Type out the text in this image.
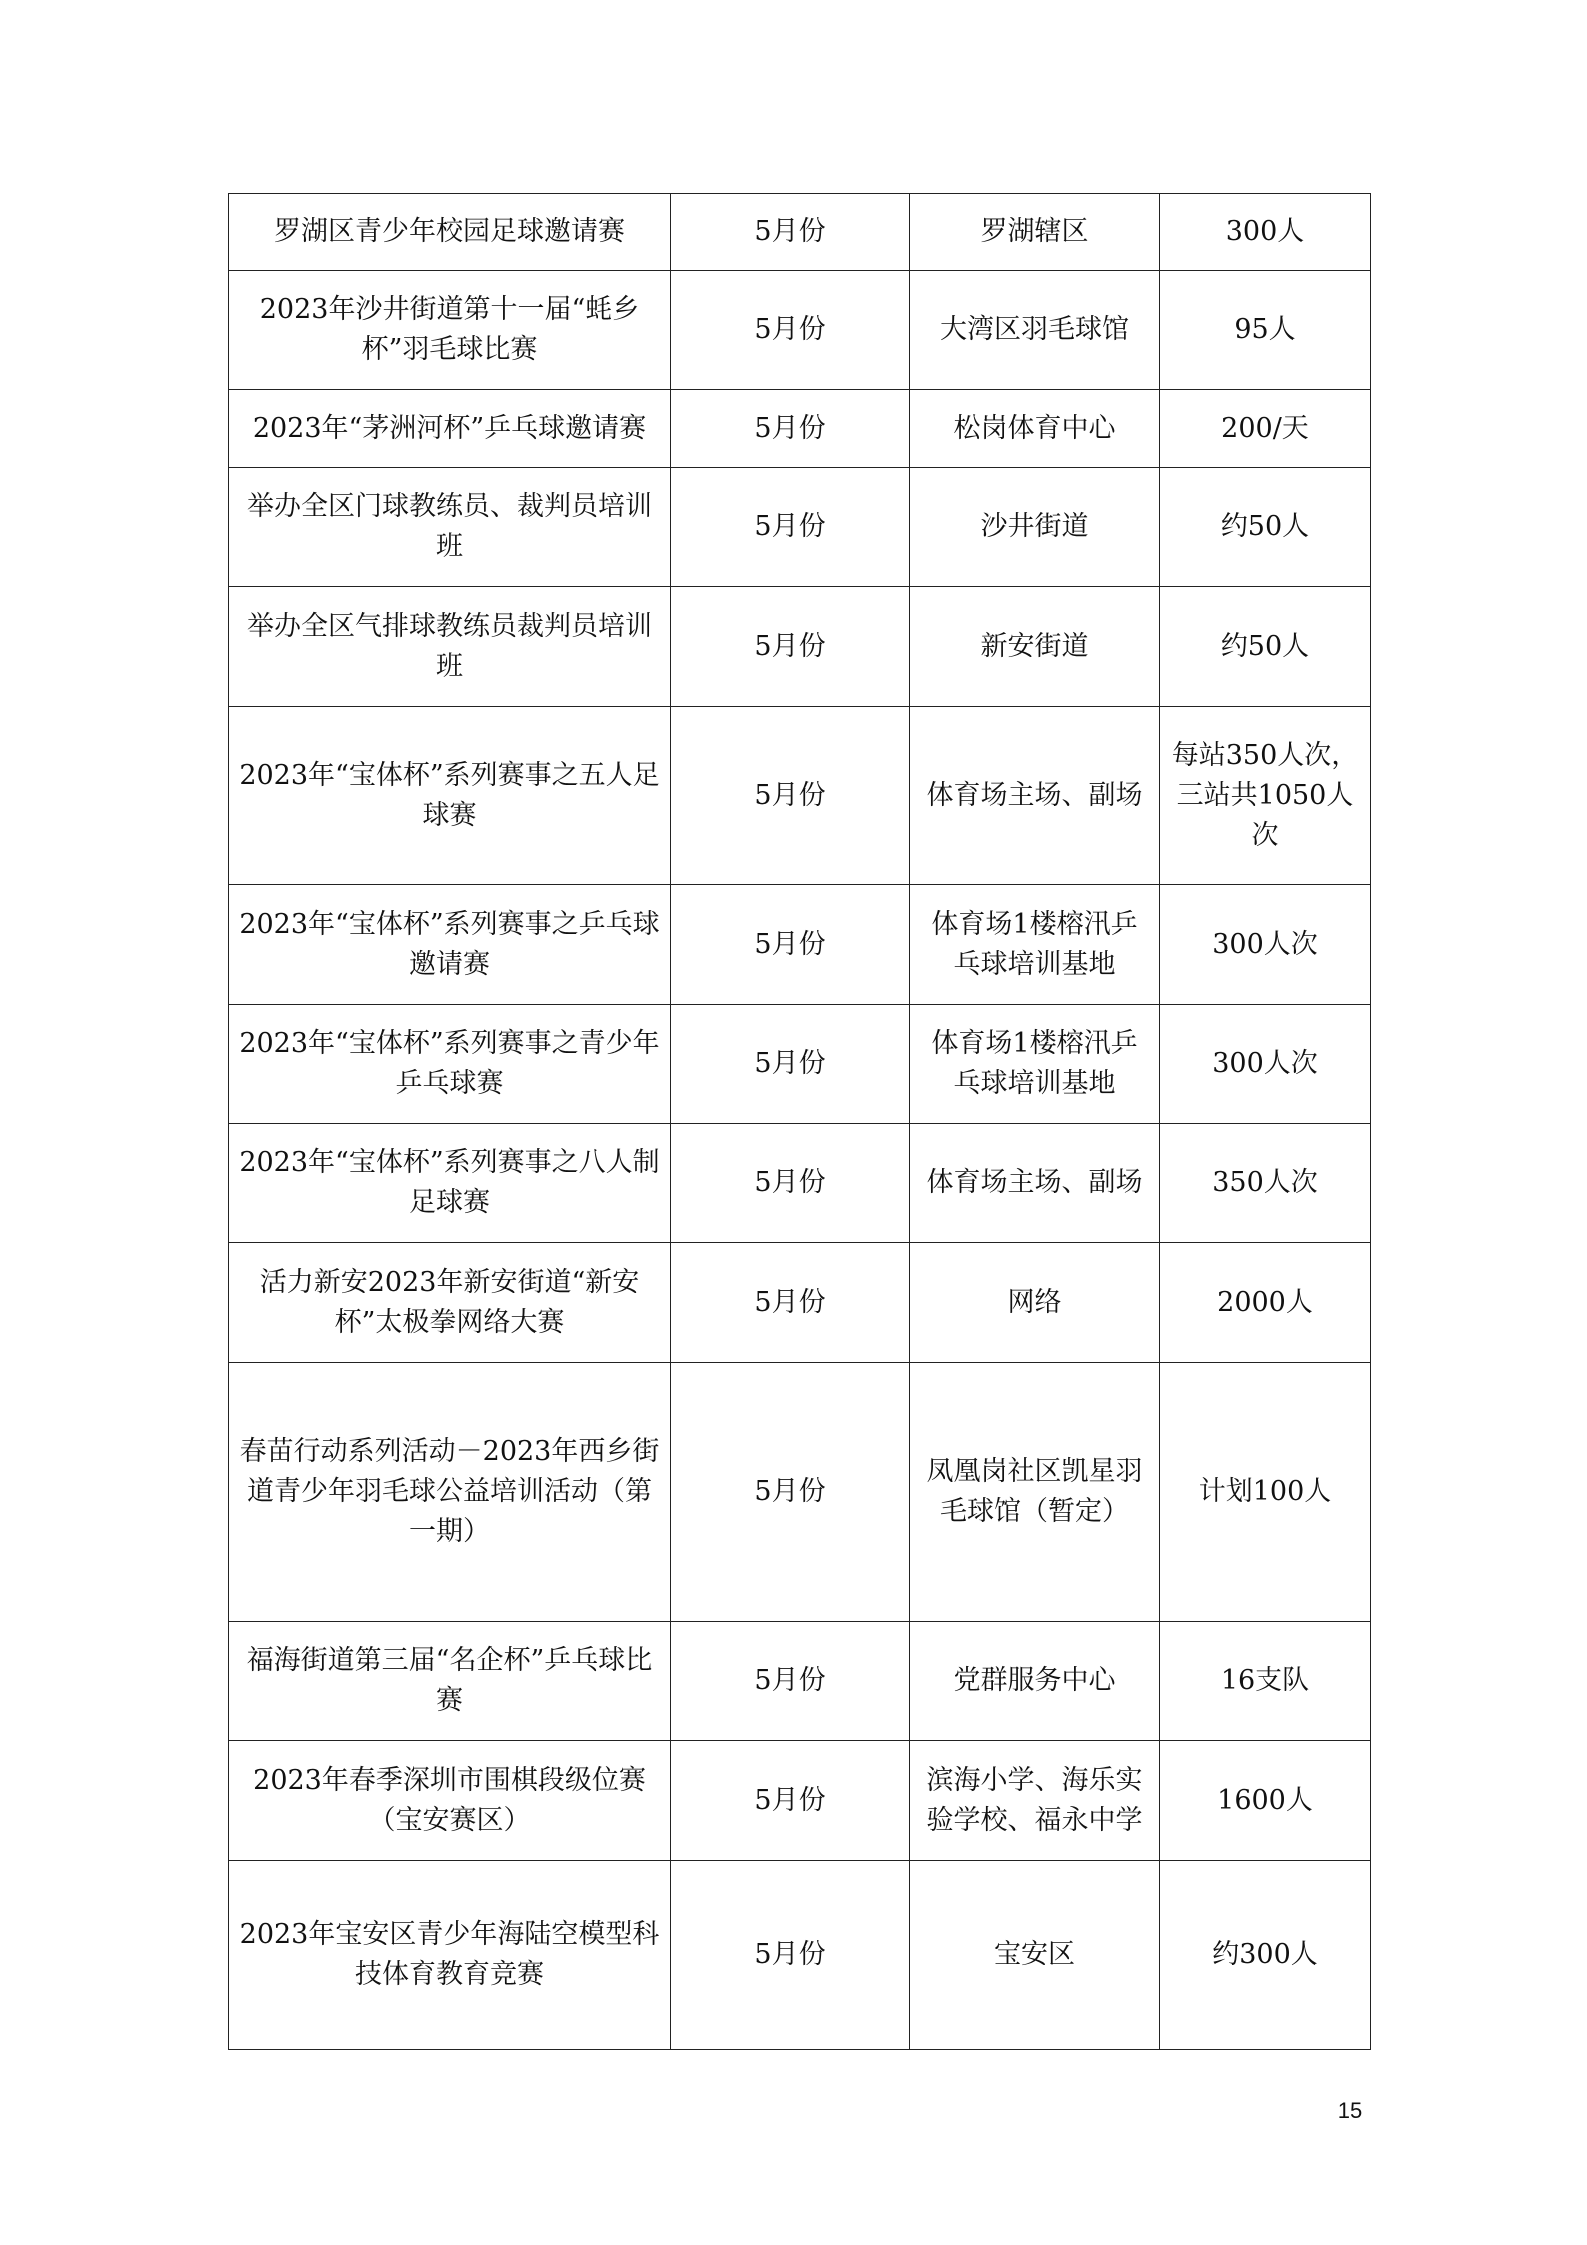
罗湖区青少年校园足球邀请赛	5月份	罗湖辖区	300人
2023年沙井街道第十一届“蚝乡杯”羽毛球比赛	5月份	大湾区羽毛球馆	95人
2023年“茅洲河杯”乒乓球邀请赛	5月份	松岗体育中心	200/天
举办全区门球教练员、裁判员培训班	5月份	沙井街道	约50人
举办全区气排球教练员裁判员培训班	5月份	新安街道	约50人
2023年“宝体杯”系列赛事之五人足球赛	5月份	体育场主场、副场	每站350人次，三站共1050人次
2023年“宝体杯”系列赛事之乒乓球邀请赛	5月份	体育场1楼榕汛乒乓球培训基地	300人次
2023年“宝体杯”系列赛事之青少年乒乓球赛	5月份	体育场1楼榕汛乒乓球培训基地	300人次
2023年“宝体杯”系列赛事之八人制足球赛	5月份	体育场主场、副场	350人次
活力新安2023年新安街道“新安杯”太极拳网络大赛	5月份	网络	2000人
春苗行动系列活动－2023年西乡街道青少年羽毛球公益培训活动（第一期）	5月份	凤凰岗社区凯星羽毛球馆（暂定）	计划100人
福海街道第三届“名企杯”乒乓球比赛	5月份	党群服务中心	16支队
2023年春季深圳市围棋段级位赛（宝安赛区）	5月份	滨海小学、海乐实验学校、福永中学	1600人
2023年宝安区青少年海陆空模型科技体育教育竞赛	5月份	宝安区	约300人
15
